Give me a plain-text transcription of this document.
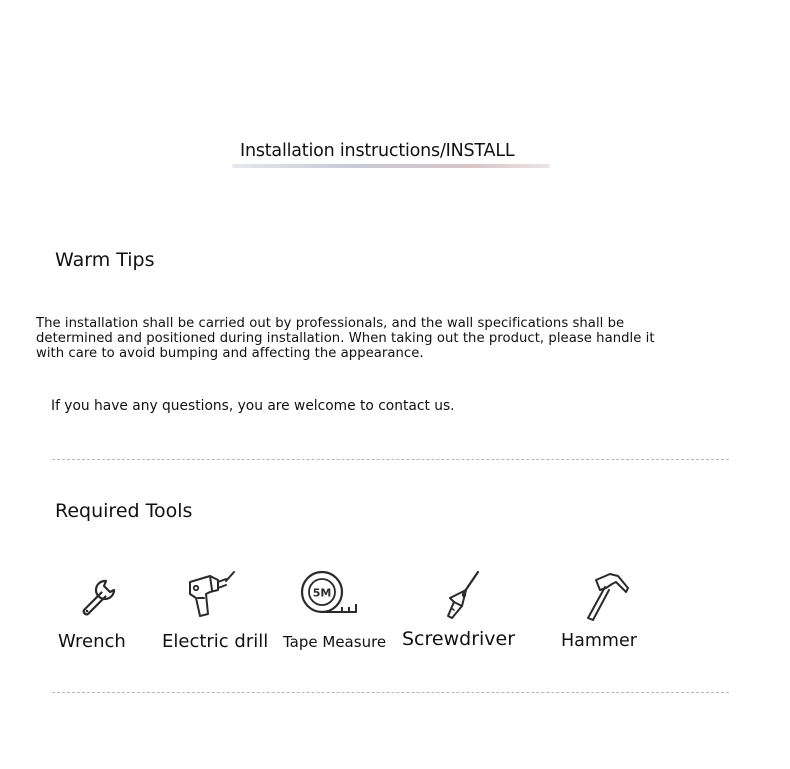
Installation instructions/INSTALL
Warm Tips
The installation shall be carried out by professionals, and the wall specifications shall be
determined and positioned during installation. When taking out the product, please handle it
with care to avoid bumping and affecting the appearance.
If you have any questions, you are welcome to contact us.
Required Tools
Wrench Electric drill
5M
Tape Measure Screwdriver	Hammer
